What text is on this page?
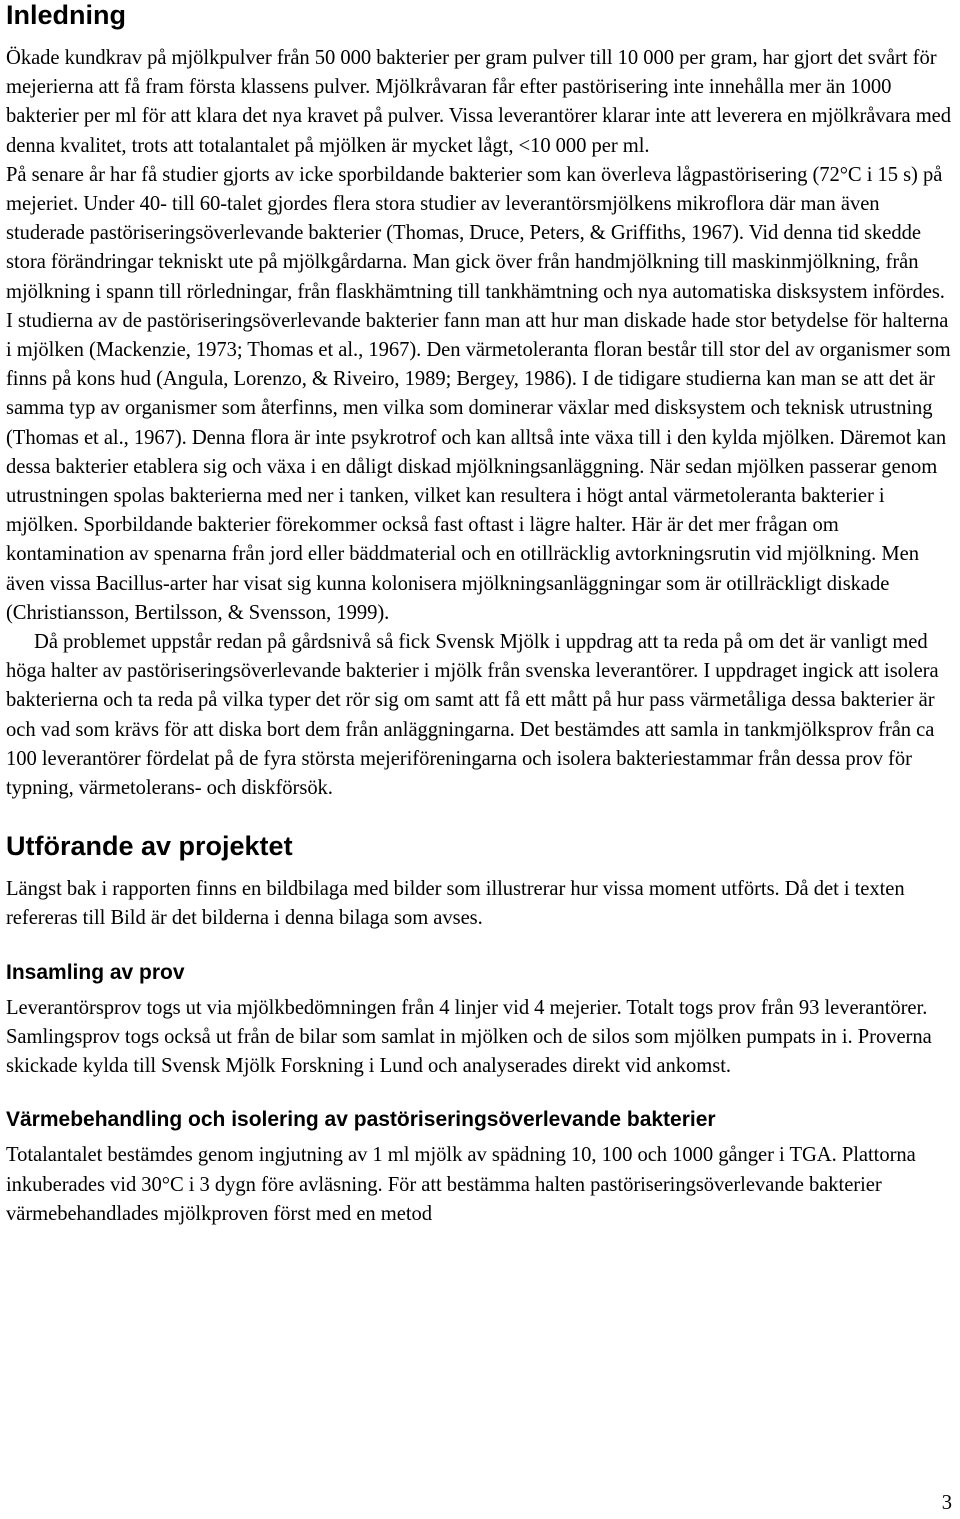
Inledning

Ökade kundkrav på mjölkpulver från 50 000 bakterier per gram pulver till 10 000 per gram, har gjort det svårt för mejerierna att få fram första klassens pulver. Mjölkråvaran får efter pastörisering inte innehålla mer än 1000 bakterier per ml för att klara det nya kravet på pulver. Vissa leverantörer klarar inte att leverera en mjölkråvara med denna kvalitet, trots att totalantalet på mjölken är mycket lågt, <10 000 per ml.

På senare år har få studier gjorts av icke sporbildande bakterier som kan överleva lågpastörisering (72°C i 15 s) på mejeriet. Under 40- till 60-talet gjordes flera stora studier av leverantörsmjölkens mikroflora där man även studerade pastöriseringsöverlevande bakterier (Thomas, Druce, Peters, & Griffiths, 1967). Vid denna tid skedde stora förändringar tekniskt ute på mjölkgårdarna. Man gick över från handmjölkning till maskinmjölkning, från mjölkning i spann till rörledningar, från flaskhämtning till tankhämtning och nya automatiska disksystem infördes. I studierna av de pastöriseringsöverlevande bakterier fann man att hur man diskade hade stor betydelse för halterna i mjölken (Mackenzie, 1973; Thomas et al., 1967). Den värmetoleranta floran består till stor del av organismer som finns på kons hud (Angula, Lorenzo, & Riveiro, 1989; Bergey, 1986). I de tidigare studierna kan man se att det är samma typ av organismer som återfinns, men vilka som dominerar växlar med disksystem och teknisk utrustning (Thomas et al., 1967). Denna flora är inte psykrotrof och kan alltså inte växa till i den kylda mjölken. Däremot kan dessa bakterier etablera sig och växa i en dåligt diskad mjölkningsanläggning. När sedan mjölken passerar genom utrustningen spolas bakterierna med ner i tanken, vilket kan resultera i högt antal värmetoleranta bakterier i mjölken. Sporbildande bakterier förekommer också fast oftast i lägre halter. Här är det mer frågan om kontamination av spenarna från jord eller bäddmaterial och en otillräcklig avtorkningsrutin vid mjölkning. Men även vissa Bacillus-arter har visat sig kunna kolonisera mjölkningsanläggningar som är otillräckligt diskade (Christiansson, Bertilsson, & Svensson, 1999).

Då problemet uppstår redan på gårdsnivå så fick Svensk Mjölk i uppdrag att ta reda på om det är vanligt med höga halter av pastöriseringsöverlevande bakterier i mjölk från svenska leverantörer. I uppdraget ingick att isolera bakterierna och ta reda på vilka typer det rör sig om samt att få ett mått på hur pass värmetåliga dessa bakterier är och vad som krävs för att diska bort dem från anläggningarna. Det bestämdes att samla in tankmjölksprov från ca 100 leverantörer fördelat på de fyra största mejeriföreningarna och isolera bakteriestammar från dessa prov för typning, värmetolerans- och diskförsök.

Utförande av projektet

Längst bak i rapporten finns en bildbilaga med bilder som illustrerar hur vissa moment utförts. Då det i texten refereras till Bild är det bilderna i denna bilaga som avses.

Insamling av prov

Leverantörsprov togs ut via mjölkbedömningen från 4 linjer vid 4 mejerier. Totalt togs prov från 93 leverantörer. Samlingsprov togs också ut från de bilar som samlat in mjölken och de silos som mjölken pumpats in i. Proverna skickade kylda till Svensk Mjölk Forskning i Lund och analyserades direkt vid ankomst.

Värmebehandling och isolering av pastöriseringsöverlevande bakterier

Totalantalet bestämdes genom ingjutning av 1 ml mjölk av spädning 10, 100 och 1000 gånger i TGA. Plattorna inkuberades vid 30°C i 3 dygn före avläsning. För att bestämma halten pastöriseringsöverlevande bakterier värmebehandlades mjölkproven först med en metod

3
